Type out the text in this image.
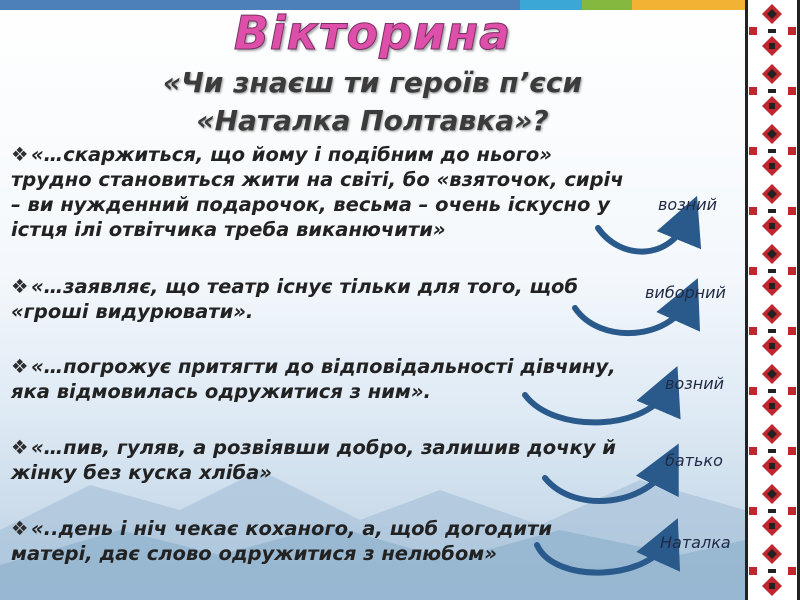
Вікторина
«Чи знаєш ти героїв п’єси
«Наталка Полтавка»?

❖ «…скаржиться, що йому і подібним до нього» трудно становиться жити на світі, бо «взяточок, сиріч – ви нужденний подарочок, весьма – очень іскусно у істця ілі отвітчика треба виканючити»

❖ «…заявляє, що театр існує тільки для того, щоб «гроші видурювати».

❖ «…погрожує притягти до відповідальності дівчину, яка відмовилась одружитися з ним».

❖ «…пив, гуляв, а розвіявши добро, залишив дочку й жінку без куска хліба»

❖ «..день і ніч чекає коханого, а, щоб догодити матері, дає слово одружитися з нелюбом»

возний

виборний

возний

батько

Наталка
